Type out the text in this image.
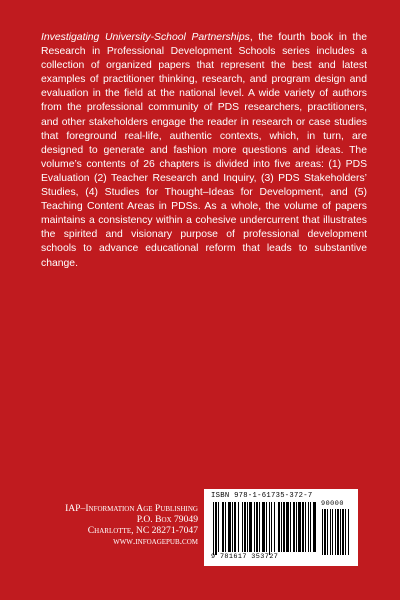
Investigating University-School Partnerships, the fourth book in the Research in Professional Development Schools series includes a collection of organized papers that represent the best and latest examples of practitioner thinking, research, and program design and evaluation in the field at the national level. A wide variety of authors from the professional community of PDS researchers, practitioners, and other stakeholders engage the reader in research or case studies that foreground real-life, authentic contexts, which, in turn, are designed to generate and fashion more questions and ideas. The volume’s contents of 26 chapters is divided into five areas: (1) PDS Evaluation (2) Teacher Research and Inquiry, (3) PDS Stakeholders’ Studies, (4) Studies for Thought–Ideas for Development, and (5) Teaching Content Areas in PDSs. As a whole, the volume of papers maintains a consistency within a cohesive undercurrent that illustrates the spirited and visionary purpose of professional development schools to advance educational reform that leads to substantive change.

IAP–Information Age Publishing
P.O. Box 79049
Charlotte, NC 28271-7047
www.infoagepub.com
ISBN 978-1-61735-372-7
90000
9 781617 353727
